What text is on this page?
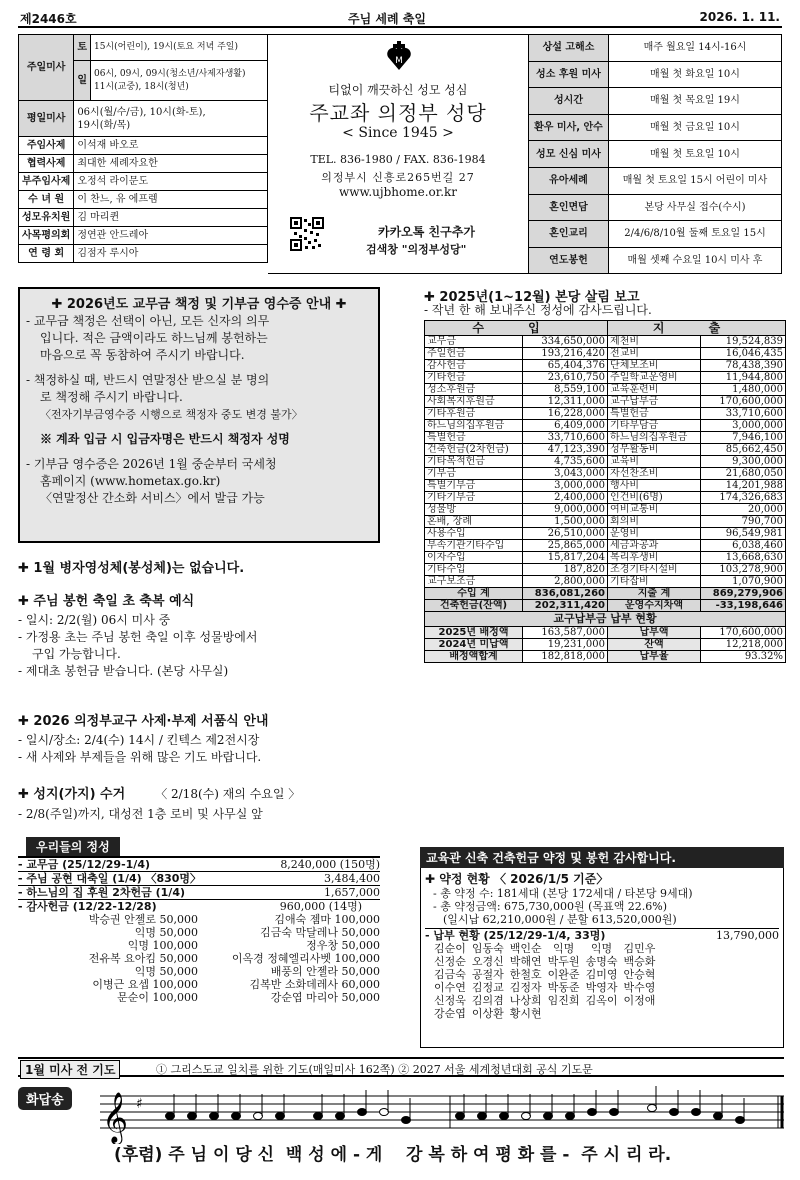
제2446호	주님 세례 축일	2026. 1. 11.
주일미사	토	15시(어린이), 19시(토요 저녁 주일)
	일	06시, 09시, 09시(청소년/사제자생활)
11시(교중), 18시(청년)

평일미사	06시(월/수/금), 10시(화-토),
19시(화/목)	

주임사제	이석재 바오로	
협력사제	최대한 세례자요한	
부주임사제	오정석 라이문도	
수 녀 원	이 찬느, 유 에프렘	
성모유치원	김 마리퀸	
사목평의회	정연관 안드레아	
연 령 회	김점자 루시아	
M
티없이 깨끗하신 성모 성심
주교좌 의정부 성당
< Since 1945 >
TEL. 836-1980 / FAX. 836-1984
의정부시 신흥로265번길 27
www.ujbhome.or.kr
카카오톡 친구추가
검색창 "의정부성당"
상설 고해소	매주 월요일 14시-16시
성소 후원 미사	매월 첫 화요일 10시
성시간	매월 첫 목요일 19시
환우 미사, 안수	매월 첫 금요일 10시
성모 신심 미사	매월 첫 토요일 10시
유아세례	매월 첫 토요일 15시 어린이 미사
혼인면담	본당 사무실 접수(수시)
혼인교리	2/4/6/8/10월 둘째 토요일 15시
연도봉헌	매월 셋째 수요일 10시 미사 후
✚ 2026년도 교무금 책정 및 기부금 영수증 안내 ✚
- 교무금 책정은 선택이 아닌, 모든 신자의 의무
입니다. 적은 금액이라도 하느님께 봉헌하는
마음으로 꼭 동참하여 주시기 바랍니다.
- 책정하실 때, 반드시 연말정산 받으실 분 명의
로 책정해 주시기 바랍니다.
〈전자기부금영수증 시행으로 책정자 중도 변경 불가〉
※ 계좌 입금 시 입금자명은 반드시 책정자 성명
- 기부금 영수증은 2026년 1월 중순부터 국세청
홈페이지 (www.hometax.go.kr)
〈연말정산 간소화 서비스〉에서 발급 가능
✚ 1월 병자영성체(봉성체)는 없습니다.
✚ 주님 봉헌 축일 초 축복 예식
- 일시: 2/2(월) 06시 미사 중
- 가정용 초는 주님 봉헌 축일 이후 성물방에서
구입 가능합니다.
- 제대초 봉헌금 받습니다. (본당 사무실)
✚ 2026 의정부교구 사제·부제 서품식 안내
- 일시/장소: 2/4(수) 14시 / 킨텍스 제2전시장
- 새 사제와 부제들을 위해 많은 기도 바랍니다.
✚ 성지(가지) 수거	〈 2/18(수) 재의 수요일 〉
- 2/8(주일)까지, 대성전 1층 로비 및 사무실 앞
우리들의 정성
- 교무금 (25/12/29-1/4)	8,240,000 (150명)
- 주님 공현 대축일 (1/4) 〈830명〉	3,484,400
- 하느님의 집 후원 2차헌금 (1/4)	1,657,000
- 감사헌금 (12/22-12/28)	960,000 (14명)
박승권 안젤로 50,000	김애숙 젬마 100,000
익명 50,000	김금숙 막달레나 50,000
익명 100,000	정우창 50,000
전유복 요아킴 50,000	이옥경 정혜엘리사벳 100,000
익명 50,000	배풍의 안젤라 50,000
이병근 요셉 100,000	김복반 소화데레사 60,000
문순이 100,000	강순엽 마리아 50,000
✚ 2025년(1~12월) 본당 살림 보고
- 작년 한 해 보내주신 정성에 감사드립니다.
수 입		지 출	
교무금	334,650,000	제천비	19,524,839
주일헌금	193,216,420	전교비	16,046,435
감사헌금	65,404,376	단체보조비	78,438,390
기타헌금	23,610,750	주일학교운영비	11,944,800
성소후원금	8,559,100	교육훈련비	1,480,000
사회복지후원금	12,311,000	교구납부금	170,600,000
기타후원금	16,228,000	특별헌금	33,710,600
하느님의집후원금	6,409,000	기타부담금	3,000,000
특별헌금	33,710,600	하느님의집후원금	7,946,100
건축헌금(2차헌금)	47,123,390	성무활동비	85,662,450
기타목적헌금	4,735,600	교육비	9,300,000
기부금	3,043,000	자선찬조비	21,680,050
특별기부금	3,000,000	행사비	14,201,988
기타기부금	2,400,000	인건비(6명)	174,326,683
성물방	9,000,000	여비교통비	20,000
혼배, 장례	1,500,000	회의비	790,700
사용수입	26,510,000	운영비	96,549,981
부속기관기타수입	25,865,000	세금과공과	6,038,460
이자수입	15,817,204	복리후생비	13,668,630
기타수입	187,820	조경기타시설비	103,278,900
교구보조금	2,800,000	기타잡비	1,070,900
수입 계	836,081,260	지출 계	869,279,906
건축헌금(잔액)	202,311,420	운영수지차액	-33,198,646
교구납부금 납부 현황			
2025년 배정액	163,587,000	납부액	170,600,000
2024년 미납액	19,231,000	잔액	12,218,000
배정액합계	182,818,000	납부율	93.32%
교육관 신축 건축헌금 약정 및 봉헌 감사합니다.
✚ 약정 현황 〈 2026/1/5 기준〉
- 총 약정 수: 181세대 (본당 172세대 / 타본당 9세대)
- 총 약정금액: 675,730,000원 (목표액 22.6%)
(일시납 62,210,000원 / 분할 613,520,000원)
- 납부 현황 (25/12/29-1/4, 33명)	13,790,000
김순이	임동숙	백인순	익명	익명	김민우
신정순	오경신	박해연	박두원	송명숙	백승화
김금숙	공절자	한철호	이완준	김미영	안승혁
이수연	김정교	김정자	박동준	박영자	박수영
신정욱	김의겸	나상희	임진희	김옥이	이정애
강순엽	이상환	황시현			
1월 미사 전 기도	① 그리스도교 일치를 위한 기도(매일미사 162쪽) ② 2027 서울 세계청년대회 공식 기도문
화답송 𝄞 ♯
(후렴) 주 님 이 당 신  백 성 에 - 게    강 복 하 여 평 화 를 -  주 시 리 라.
